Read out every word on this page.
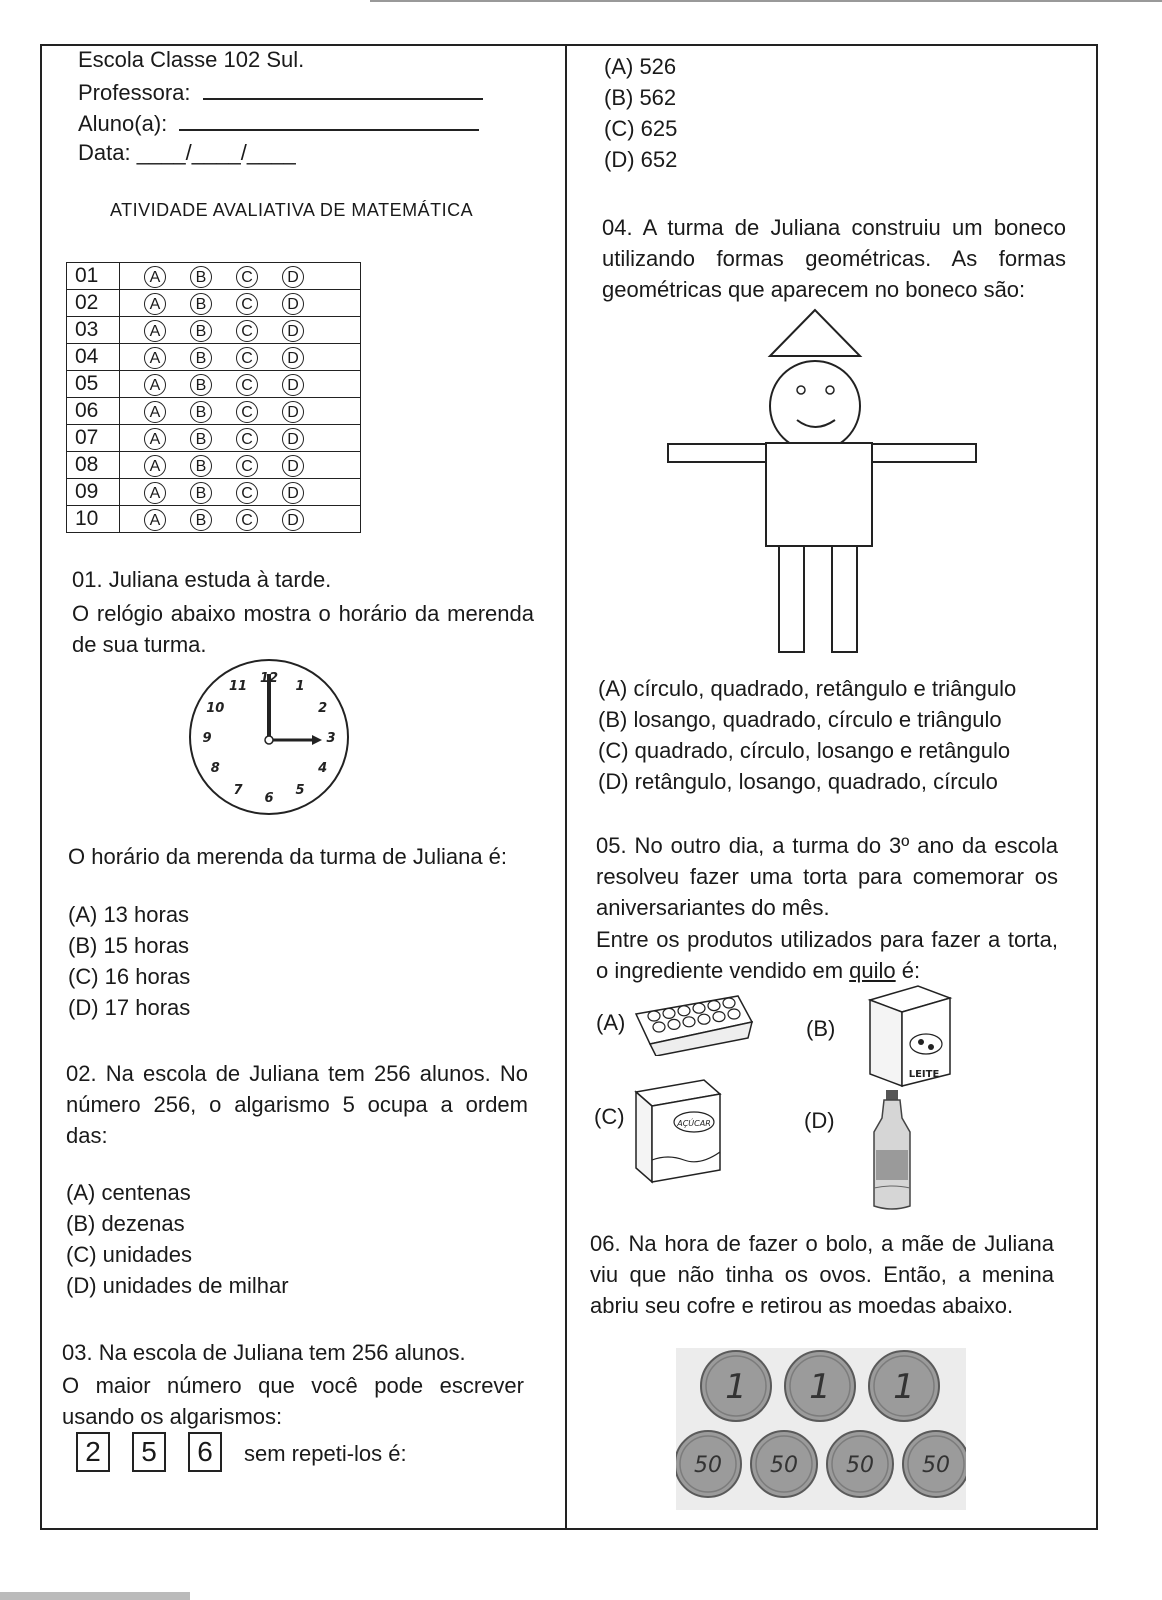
Escola Classe 102 Sul.
Professora:
Aluno(a):
Data: ____/____/____
ATIVIDADE AVALIATIVA DE MATEMÁTICA
01	A B C D
02	A B C D
03	A B C D
04	A B C D
05	A B C D
06	A B C D
07	A B C D
08	A B C D
09	A B C D
10	A B C D
01. Juliana estuda à tarde.
O relógio abaixo mostra o horário da merenda de sua turma.
12
1
2
3
4
5
6
7
8
9
10
11
O horário da merenda da turma de Juliana é:
(A) 13 horas
(B) 15 horas
(C) 16 horas
(D) 17 horas
02. Na escola de Juliana tem 256 alunos. No número 256, o algarismo 5 ocupa a ordem das:
(A) centenas
(B) dezenas
(C) unidades
(D) unidades de milhar
03. Na escola de Juliana tem 256 alunos.
O maior número que você pode escrever usando os algarismos:
2 5 6 sem repeti-los é:
(A) 526
(B) 562
(C) 625
(D) 652
04. A turma de Juliana construiu um boneco utilizando formas geométricas. As formas geométricas que aparecem no boneco são:
(A) círculo, quadrado, retângulo e triângulo
(B) losango, quadrado, círculo e triângulo
(C) quadrado, círculo, losango e retângulo
(D) retângulo, losango, quadrado, círculo
05. No outro dia, a turma do 3º ano da escola resolveu fazer uma torta para comemorar os aniversariantes do mês.
Entre os produtos utilizados para fazer a torta, o ingrediente vendido em quilo é:
(A)	(B)
LEITE
(C)	AÇÚCAR	(D)
06. Na hora de fazer o bolo, a mãe de Juliana viu que não tinha os ovos. Então, a menina abriu seu cofre e retirou as moedas abaixo.
1 1 1
50 50 50 50
